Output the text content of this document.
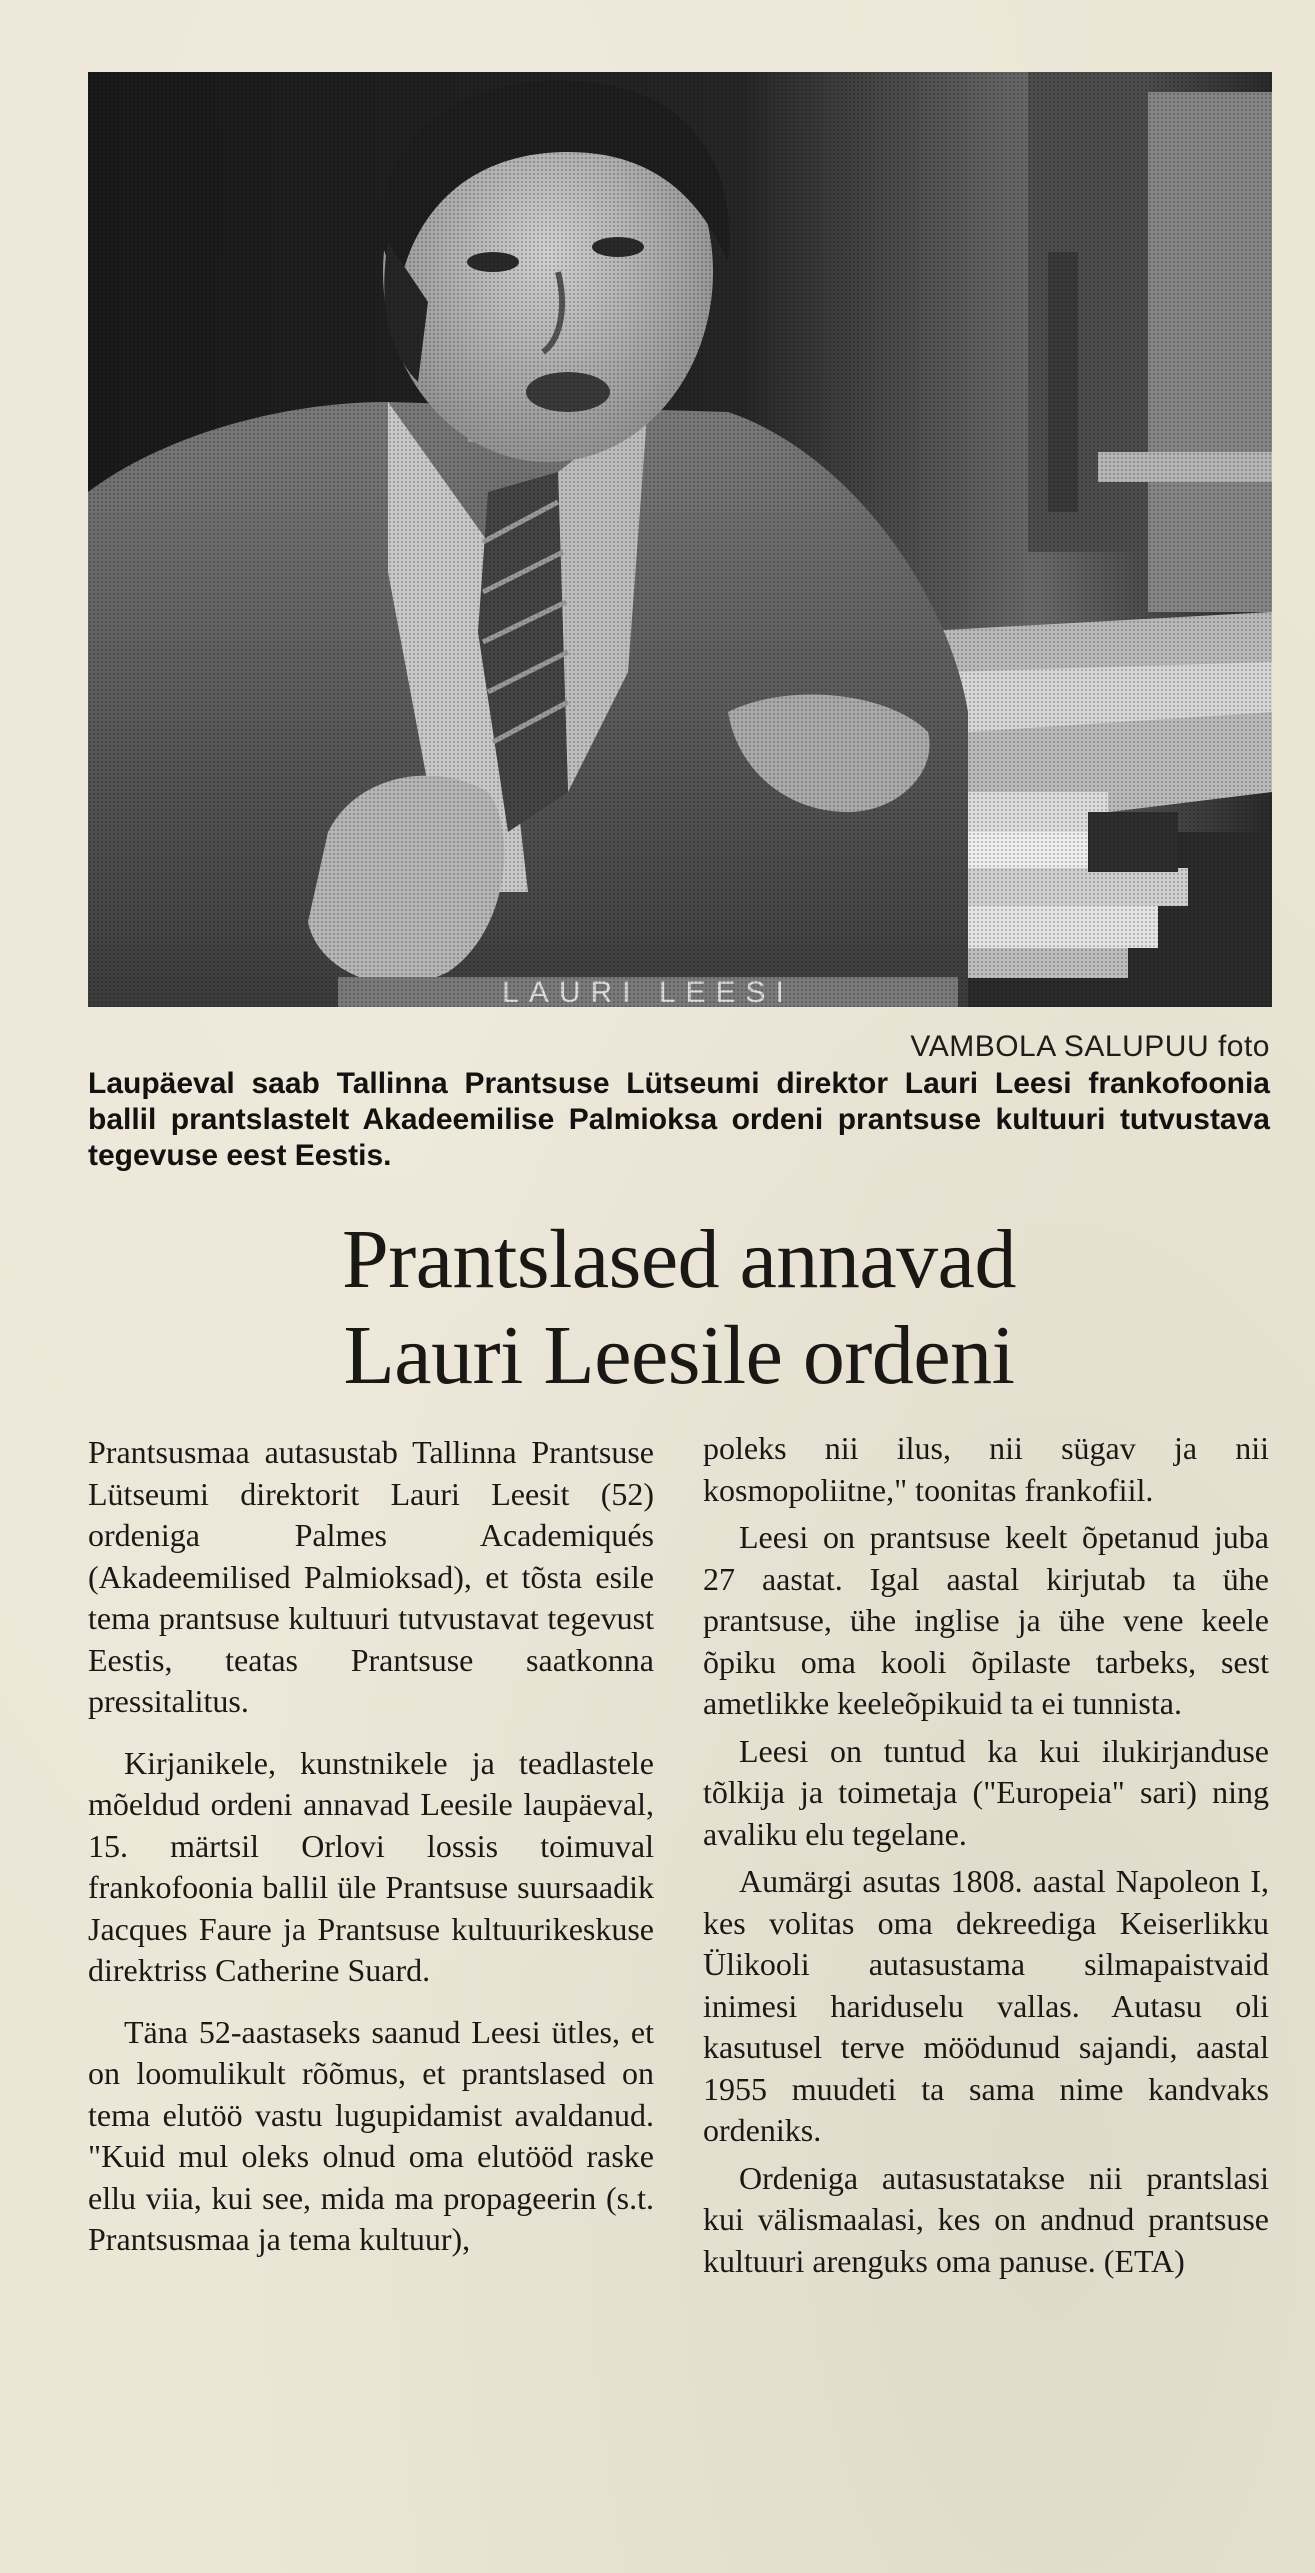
VAMBOLA SALUPUU foto
Laupäeval saab Tallinna Prantsuse Lütseumi direktor Lauri Leesi frankofoonia ballil prantslastelt Akadeemilise Palmioksa ordeni prantsuse kultuuri tutvustava tegevuse eest Eestis.
Prantslased annavad
Lauri Leesile ordeni

Prantsusmaa autasustab Tallinna Prantsuse Lütseumi direktorit Lauri Leesit (52) ordeniga Palmes Academiqués (Akadeemilised Palmioksad), et tõsta esile tema prantsuse kultuuri tutvustavat tegevust Eestis, teatas Prantsuse saatkonna pressitalitus.

Kirjanikele, kunstnikele ja teadlastele mõeldud ordeni annavad Leesile laupäeval, 15. märtsil Orlovi lossis toimuval frankofoonia ballil üle Prantsuse suursaadik Jacques Faure ja Prantsuse kultuurikeskuse direktriss Catherine Suard.

Täna 52-aastaseks saanud Leesi ütles, et on loomulikult rõõmus, et prantslased on tema elutöö vastu lugupidamist avaldanud. "Kuid mul oleks olnud oma elutööd raske ellu viia, kui see, mida ma propageerin (s.t. Prantsusmaa ja tema kultuur),

poleks nii ilus, nii sügav ja nii kosmopoliitne," toonitas frankofiil.

Leesi on prantsuse keelt õpetanud juba 27 aastat. Igal aastal kirjutab ta ühe prantsuse, ühe inglise ja ühe vene keele õpiku oma kooli õpilaste tarbeks, sest ametlikke keeleõpikuid ta ei tunnista.

Leesi on tuntud ka kui ilukirjanduse tõlkija ja toimetaja ("Europeia" sari) ning avaliku elu tegelane.

Aumärgi asutas 1808. aastal Napoleon I, kes volitas oma dekreediga Keiserlikku Ülikooli autasustama silmapaistvaid inimesi hariduselu vallas. Autasu oli kasutusel terve möödunud sajandi, aastal 1955 muudeti ta sama nime kandvaks ordeniks.

Ordeniga autasustatakse nii prantslasi kui välismaalasi, kes on andnud prantsuse kultuuri arenguks oma panuse. (ETA)
